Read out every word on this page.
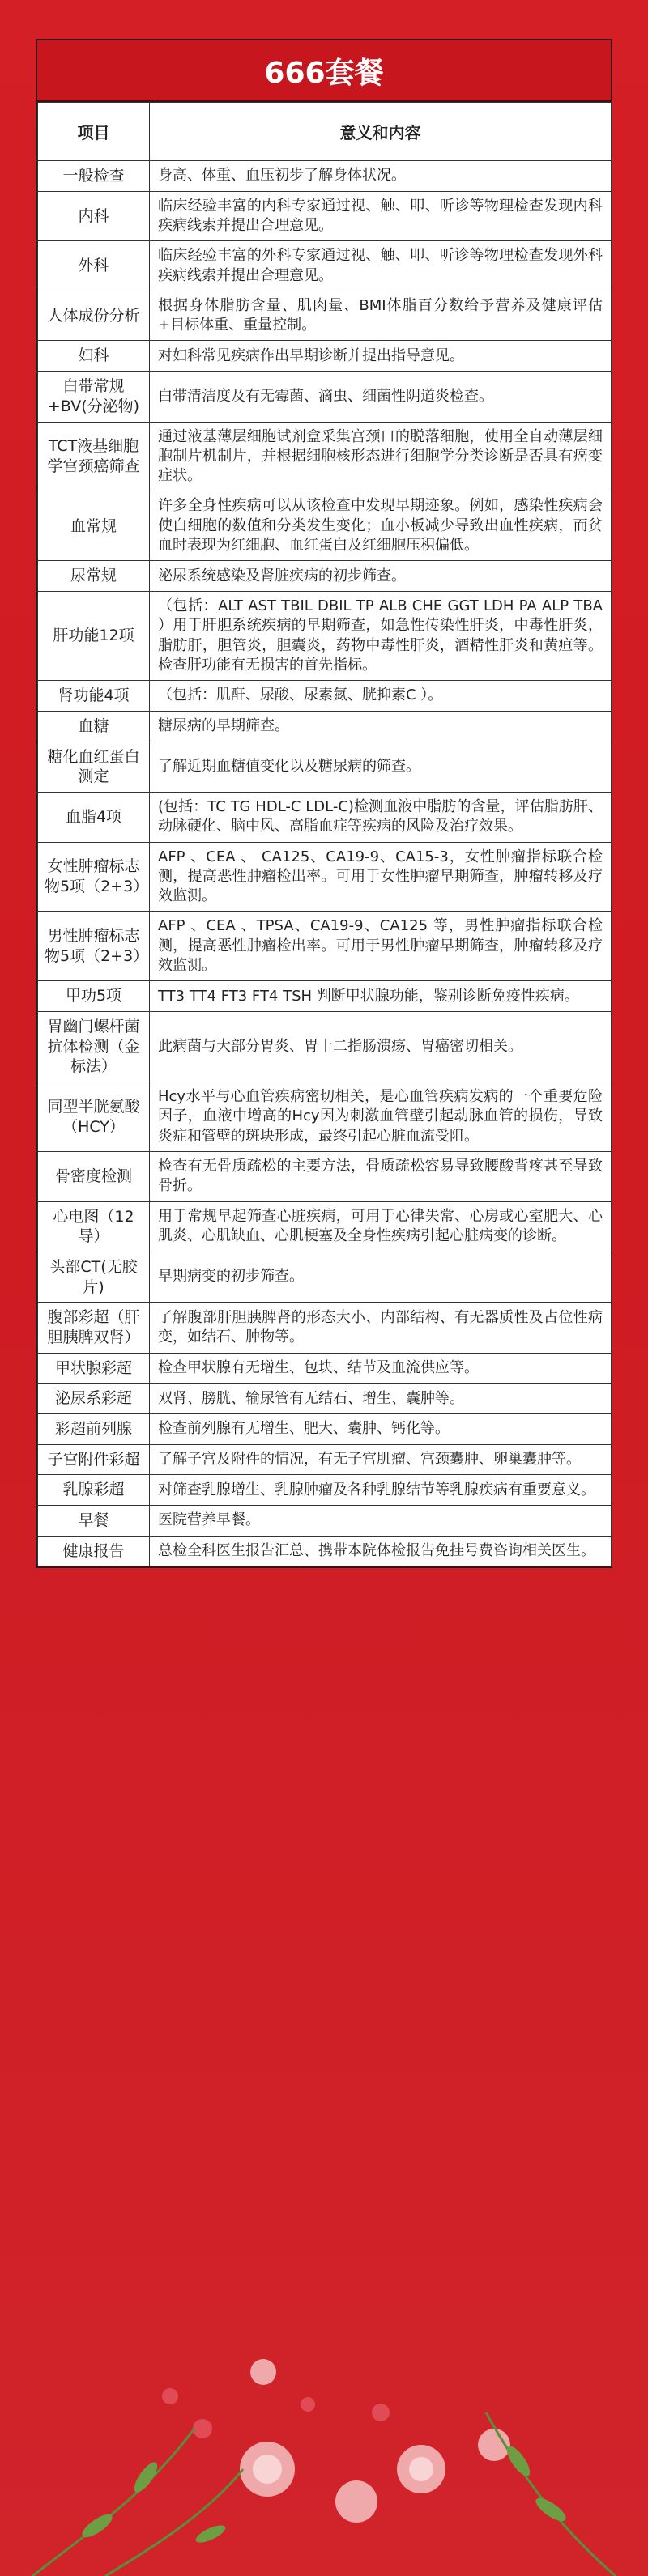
666套餐
项目	意义和内容
一般检查	身高、体重、血压初步了解身体状况。
内科	临床经验丰富的内科专家通过视、触、叩、听诊等物理检查发现内科疾病线索并提出合理意见。
外科	临床经验丰富的外科专家通过视、触、叩、听诊等物理检查发现外科疾病线索并提出合理意见。
人体成份分析	根据身体脂肪含量、肌肉量、BMI体脂百分数给予营养及健康评估+目标体重、重量控制。
妇科	对妇科常见疾病作出早期诊断并提出指导意见。
白带常规+BV(分泌物)	白带清洁度及有无霉菌、滴虫、细菌性阴道炎检查。
TCT液基细胞学宫颈癌筛查	通过液基薄层细胞试剂盒采集宫颈口的脱落细胞，使用全自动薄层细胞制片机制片，并根据细胞核形态进行细胞学分类诊断是否具有癌变症状。
血常规	许多全身性疾病可以从该检查中发现早期迹象。例如，感染性疾病会使白细胞的数值和分类发生变化；血小板减少导致出血性疾病，而贫血时表现为红细胞、血红蛋白及红细胞压积偏低。
尿常规	泌尿系统感染及肾脏疾病的初步筛查。
肝功能12项	（包括：ALT AST TBIL DBIL TP ALB CHE GGT LDH PA ALP TBA ）用于肝胆系统疾病的早期筛查，如急性传染性肝炎，中毒性肝炎，脂肪肝，胆管炎，胆囊炎，药物中毒性肝炎，酒精性肝炎和黄疸等。检查肝功能有无损害的首先指标。
肾功能4项	（包括：肌酐、尿酸、尿素氮、胱抑素C ）。
血糖	糖尿病的早期筛查。
糖化血红蛋白测定	了解近期血糖值变化以及糖尿病的筛查。
血脂4项	(包括：TC TG HDL-C LDL-C)检测血液中脂肪的含量，评估脂肪肝、动脉硬化、脑中风、高脂血症等疾病的风险及治疗效果。
女性肿瘤标志物5项（2+3）	AFP 、CEA 、 CA125、CA19-9、CA15-3，女性肿瘤指标联合检测，提高恶性肿瘤检出率。可用于女性肿瘤早期筛查，肿瘤转移及疗效监测。
男性肿瘤标志物5项（2+3）	AFP 、CEA 、TPSA、CA19-9、CA125 等，男性肿瘤指标联合检测，提高恶性肿瘤检出率。可用于男性肿瘤早期筛查，肿瘤转移及疗效监测。
甲功5项	TT3 TT4 FT3 FT4 TSH 判断甲状腺功能，鉴别诊断免疫性疾病。
胃幽门螺杆菌抗体检测（金标法）	此病菌与大部分胃炎、胃十二指肠溃疡、胃癌密切相关。
同型半胱氨酸（HCY）	Hcy水平与心血管疾病密切相关，是心血管疾病发病的一个重要危险因子，血液中增高的Hcy因为刺激血管壁引起动脉血管的损伤，导致炎症和管壁的斑块形成，最终引起心脏血流受阻。
骨密度检测	检查有无骨质疏松的主要方法，骨质疏松容易导致腰酸背疼甚至导致骨折。
心电图（12导）	用于常规早起筛查心脏疾病，可用于心律失常、心房或心室肥大、心肌炎、心肌缺血、心肌梗塞及全身性疾病引起心脏病变的诊断。
头部CT(无胶片)	早期病变的初步筛查。
腹部彩超（肝胆胰脾双肾）	了解腹部肝胆胰脾肾的形态大小、内部结构、有无器质性及占位性病变，如结石、肿物等。
甲状腺彩超	检查甲状腺有无增生、包块、结节及血流供应等。
泌尿系彩超	双肾、膀胱、输尿管有无结石、增生、囊肿等。
彩超前列腺	检查前列腺有无增生、肥大、囊肿、钙化等。
子宫附件彩超	了解子宫及附件的情况，有无子宫肌瘤、宫颈囊肿、卵巢囊肿等。
乳腺彩超	对筛查乳腺增生、乳腺肿瘤及各种乳腺结节等乳腺疾病有重要意义。
早餐	医院营养早餐。
健康报告	总检全科医生报告汇总、携带本院体检报告免挂号费咨询相关医生。
